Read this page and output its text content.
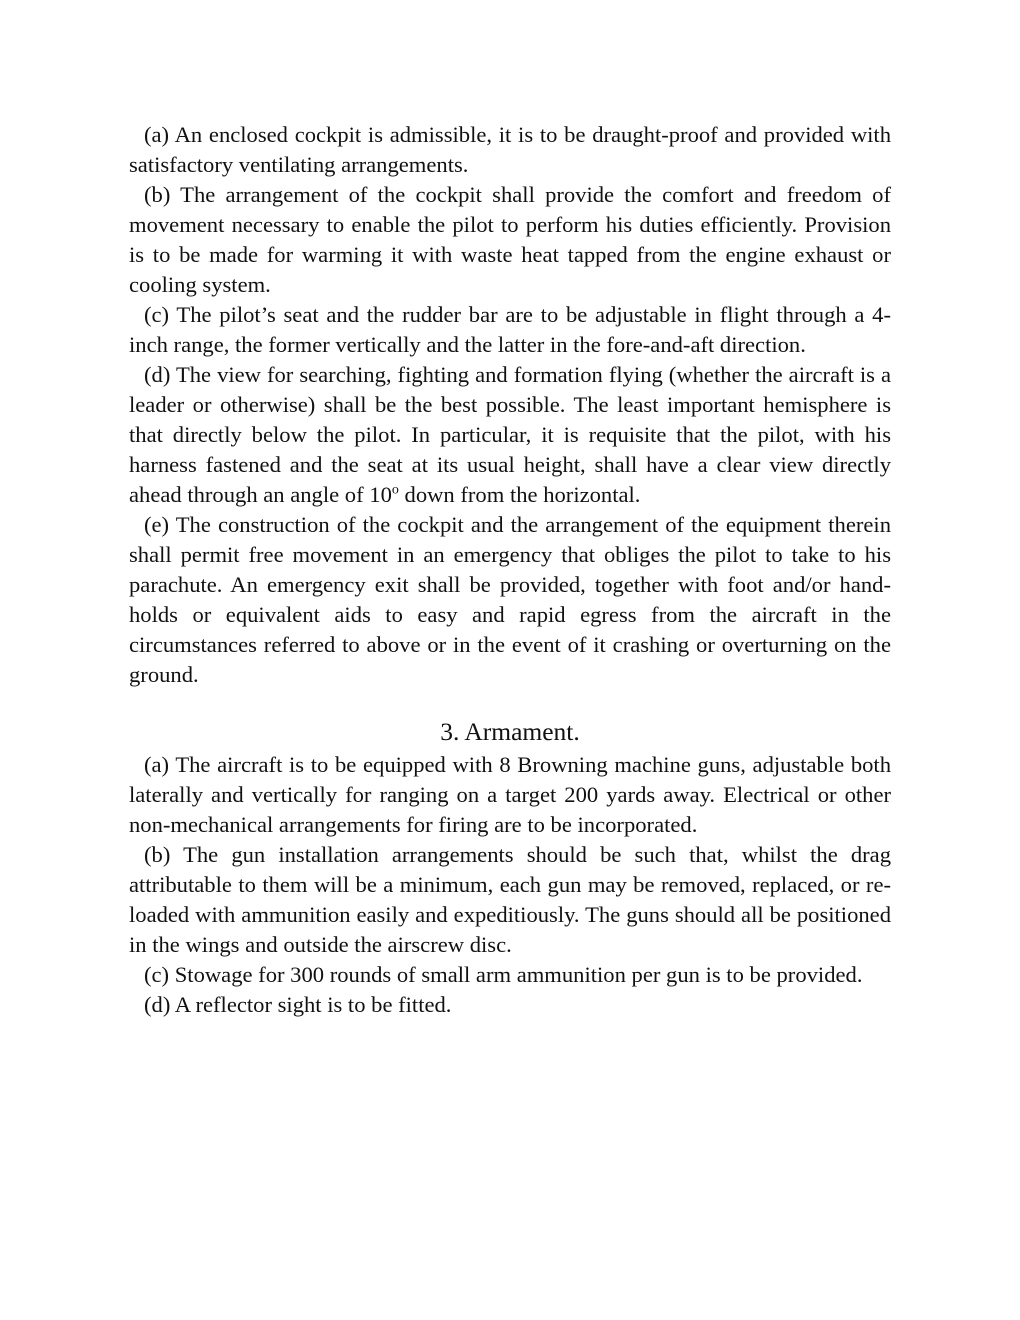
(a) An enclosed cockpit is admissible, it is to be draught-proof and provided with satisfactory ventilating arrangements.

(b) The arrangement of the cockpit shall provide the comfort and freedom of movement necessary to enable the pilot to perform his duties efficiently. Provision is to be made for warming it with waste heat tapped from the engine exhaust or cooling system.

(c) The pilot’s seat and the rudder bar are to be adjustable in flight through a 4-inch range, the former vertically and the latter in the fore-and-aft direction.

(d) The view for searching, fighting and formation flying (whether the aircraft is a leader or otherwise) shall be the best possible. The least important hemisphere is that directly below the pilot. In particular, it is requisite that the pilot, with his harness fastened and the seat at its usual height, shall have a clear view directly ahead through an angle of 10$^o$ down from the horizontal.

(e) The construction of the cockpit and the arrangement of the equipment therein shall permit free movement in an emergency that obliges the pilot to take to his parachute. An emergency exit shall be provided, together with foot and/or hand-holds or equivalent aids to easy and rapid egress from the aircraft in the circumstances referred to above or in the event of it crashing or overturning on the ground.

3. Armament.

(a) The aircraft is to be equipped with 8 Browning machine guns, adjustable both laterally and vertically for ranging on a target 200 yards away. Electrical or other non-mechanical arrangements for firing are to be incorporated.

(b) The gun installation arrangements should be such that, whilst the drag attributable to them will be a minimum, each gun may be removed, replaced, or re-loaded with ammunition easily and expeditiously. The guns should all be positioned in the wings and outside the airscrew disc.

(c) Stowage for 300 rounds of small arm ammunition per gun is to be provided.

(d) A reflector sight is to be fitted.
